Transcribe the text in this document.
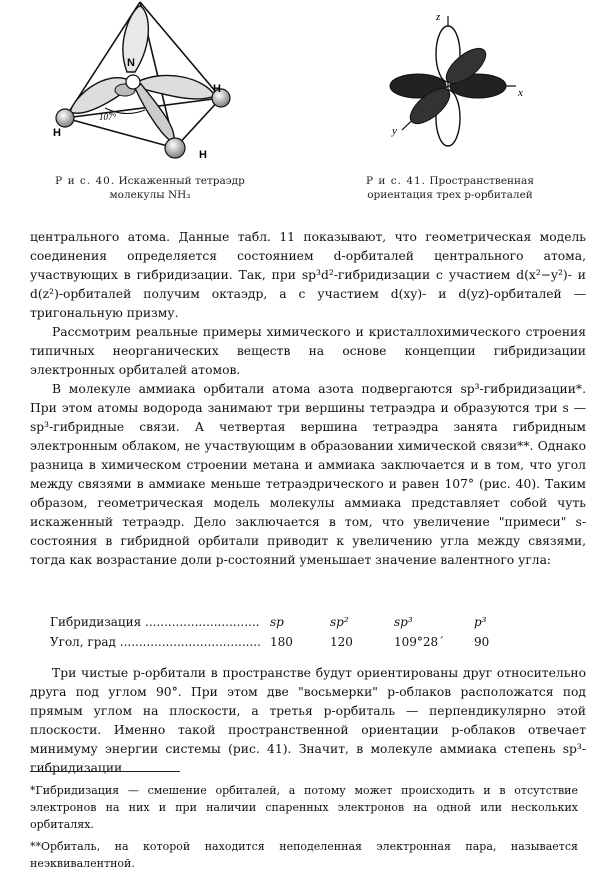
N
H
H
H
107°
Р и с. 40. Искаженный тетраэдр
молекулы NH₃
z
x
y
Р и с. 41. Пространственная
ориентация трех p-орбиталей

центрального атома. Данные табл. 11 показывают, что геометрическая модель соединения определяется состоянием d-орбиталей центрального атома, участвующих в гибридизации. Так, при sp³d²-гибридизации с участием d(x²−y²)- и d(z²)-орбиталей получим октаэдр, а с участием d(xy)- и d(yz)-орбиталей — тригональную призму.

Рассмотрим реальные примеры химического и кристаллохимического строения типичных неорганических веществ на основе концепции гибридизации электронных орбиталей атомов.

В молекуле аммиака орбитали атома азота подвергаются sp³-гибридизации*. При этом атомы водорода занимают три вершины тетраэдра и образуются три s — sp³-гибридные связи. А четвертая вершина тетраэдра занята гибридным электронным облаком, не участвующим в образовании химической связи**. Однако разница в химическом строении метана и аммиака заключается и в том, что угол между связями в аммиаке меньше тетраэдрического и равен 107° (рис. 40). Таким образом, геометрическая модель молекулы аммиака представляет собой чуть искаженный тетраэдр. Дело заключается в том, что увеличение "примеси" s-состояния в гибридной орбитали приводит к увеличению угла между связями, тогда как возрастание доли p-состояний уменьшает значение валентного угла:

Гибридизация ..............................	sp	sp²	sp³	p³
Угол, град .....................................	180	120	109°28´	90

Три чистые p-орбитали в пространстве будут ориентированы друг относительно друга под углом 90°. При этом две "восьмерки" p-облаков расположатся под прямым углом на плоскости, а третья p-орбиталь — перпендикулярно этой плоскости. Именно такой пространственной ориентации p-облаков отвечает минимуму энергии системы (рис. 41). Значит, в молекуле аммиака степень sp³-гибридизации

*Гибридизация — смешение орбиталей, а потому может происходить и в отсутствие электронов на них и при наличии спаренных электронов на одной или нескольких орбиталях.
**Орбиталь, на которой находится неподеленная электронная пара, называется неэквивалентной.
